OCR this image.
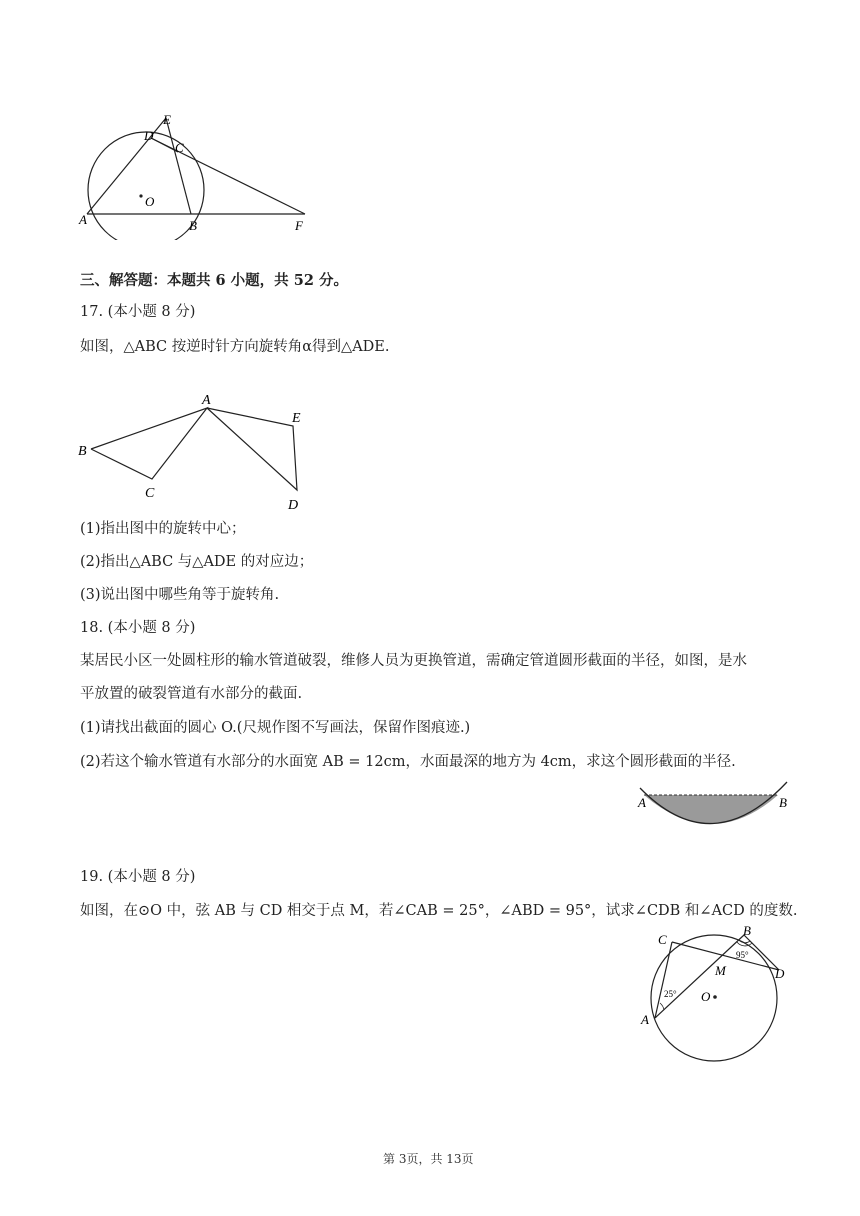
E
D
C
O
A	B	F
三、解答题：本题共 6 小题，共 52 分。
17. (本小题 8 分)
如图，△ABC 按逆时针方向旋转角α得到△ADE.
A
B
C
E
D
(1)指出图中的旋转中心；
(2)指出△ABC 与△ADE 的对应边；
(3)说出图中哪些角等于旋转角.
18. (本小题 8 分)
某居民小区一处圆柱形的输水管道破裂，维修人员为更换管道，需确定管道圆形截面的半径，如图，是水
平放置的破裂管道有水部分的截面.
(1)请找出截面的圆心 O.(尺规作图不写画法，保留作图痕迹.)
(2)若这个输水管道有水部分的水面宽 AB = 12cm，水面最深的地方为 4cm，求这个圆形截面的半径.
A	B
19. (本小题 8 分)
如图，在⊙O 中，弦 AB 与 CD 相交于点 M，若∠CAB = 25°，∠ABD = 95°，试求∠CDB 和∠ACD 的度数.
C
B
M	D
A
O
25°
95°
第 3页，共 13页
